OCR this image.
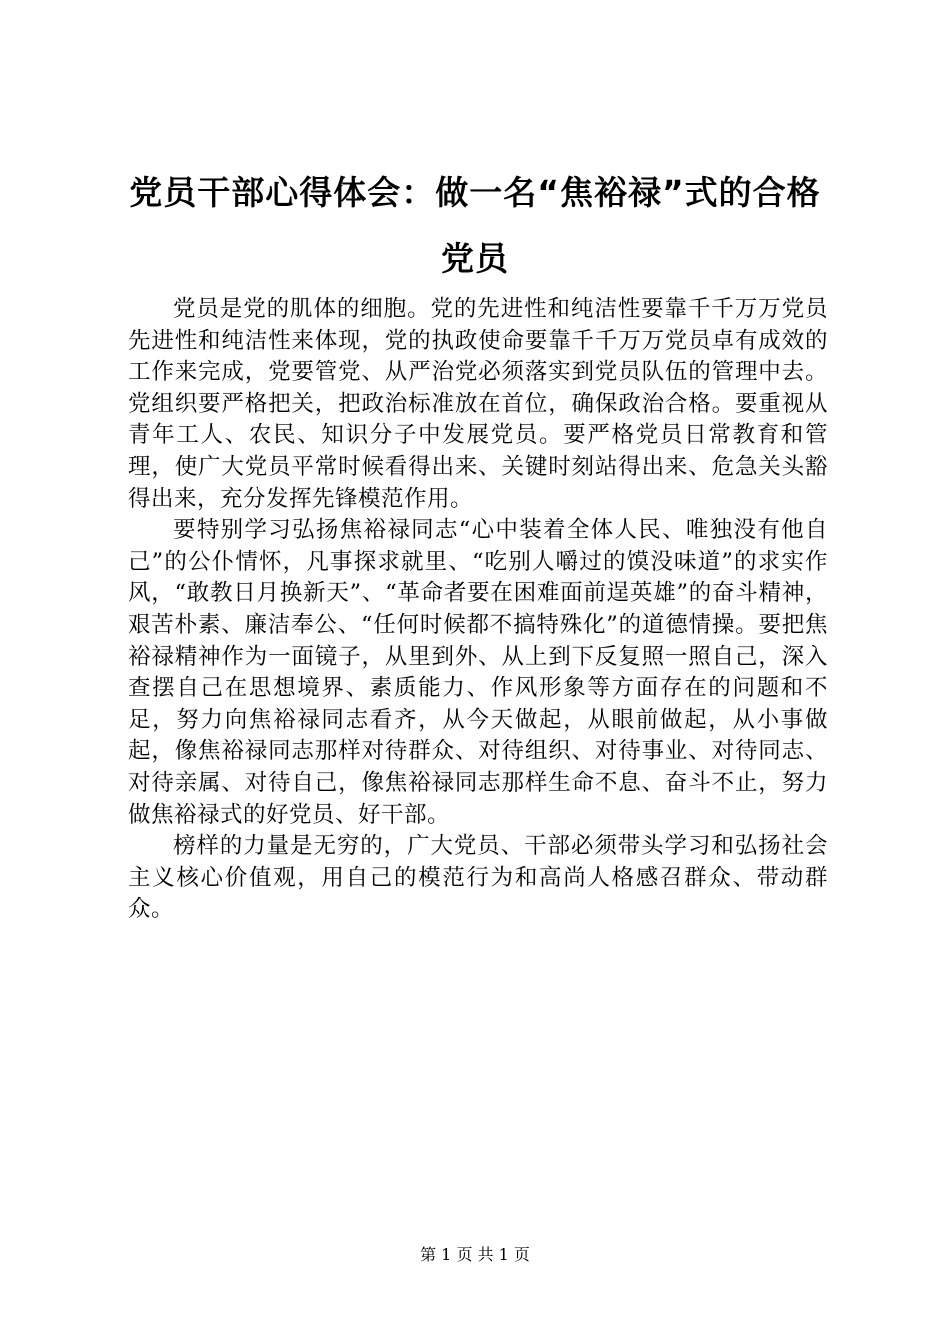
党员干部心得体会：做一名“焦裕禄”式的合格党员

党员是党的肌体的细胞。党的先进性和纯洁性要靠千千万万党员先进性和纯洁性来体现，党的执政使命要靠千千万万党员卓有成效的工作来完成，党要管党、从严治党必须落实到党员队伍的管理中去。党组织要严格把关，把政治标准放在首位，确保政治合格。要重视从青年工人、农民、知识分子中发展党员。要严格党员日常教育和管理，使广大党员平常时候看得出来、关键时刻站得出来、危急关头豁得出来，充分发挥先锋模范作用。

要特别学习弘扬焦裕禄同志“心中装着全体人民、唯独没有他自己”的公仆情怀，凡事探求就里、“吃别人嚼过的馍没味道”的求实作风，“敢教日月换新天”、“革命者要在困难面前逞英雄”的奋斗精神，艰苦朴素、廉洁奉公、“任何时候都不搞特殊化”的道德情操。要把焦裕禄精神作为一面镜子，从里到外、从上到下反复照一照自己，深入查摆自己在思想境界、素质能力、作风形象等方面存在的问题和不足，努力向焦裕禄同志看齐，从今天做起，从眼前做起，从小事做起，像焦裕禄同志那样对待群众、对待组织、对待事业、对待同志、对待亲属、对待自己，像焦裕禄同志那样生命不息、奋斗不止，努力做焦裕禄式的好党员、好干部。

榜样的力量是无穷的，广大党员、干部必须带头学习和弘扬社会主义核心价值观，用自己的模范行为和高尚人格感召群众、带动群众。

第 1 页 共 1 页
